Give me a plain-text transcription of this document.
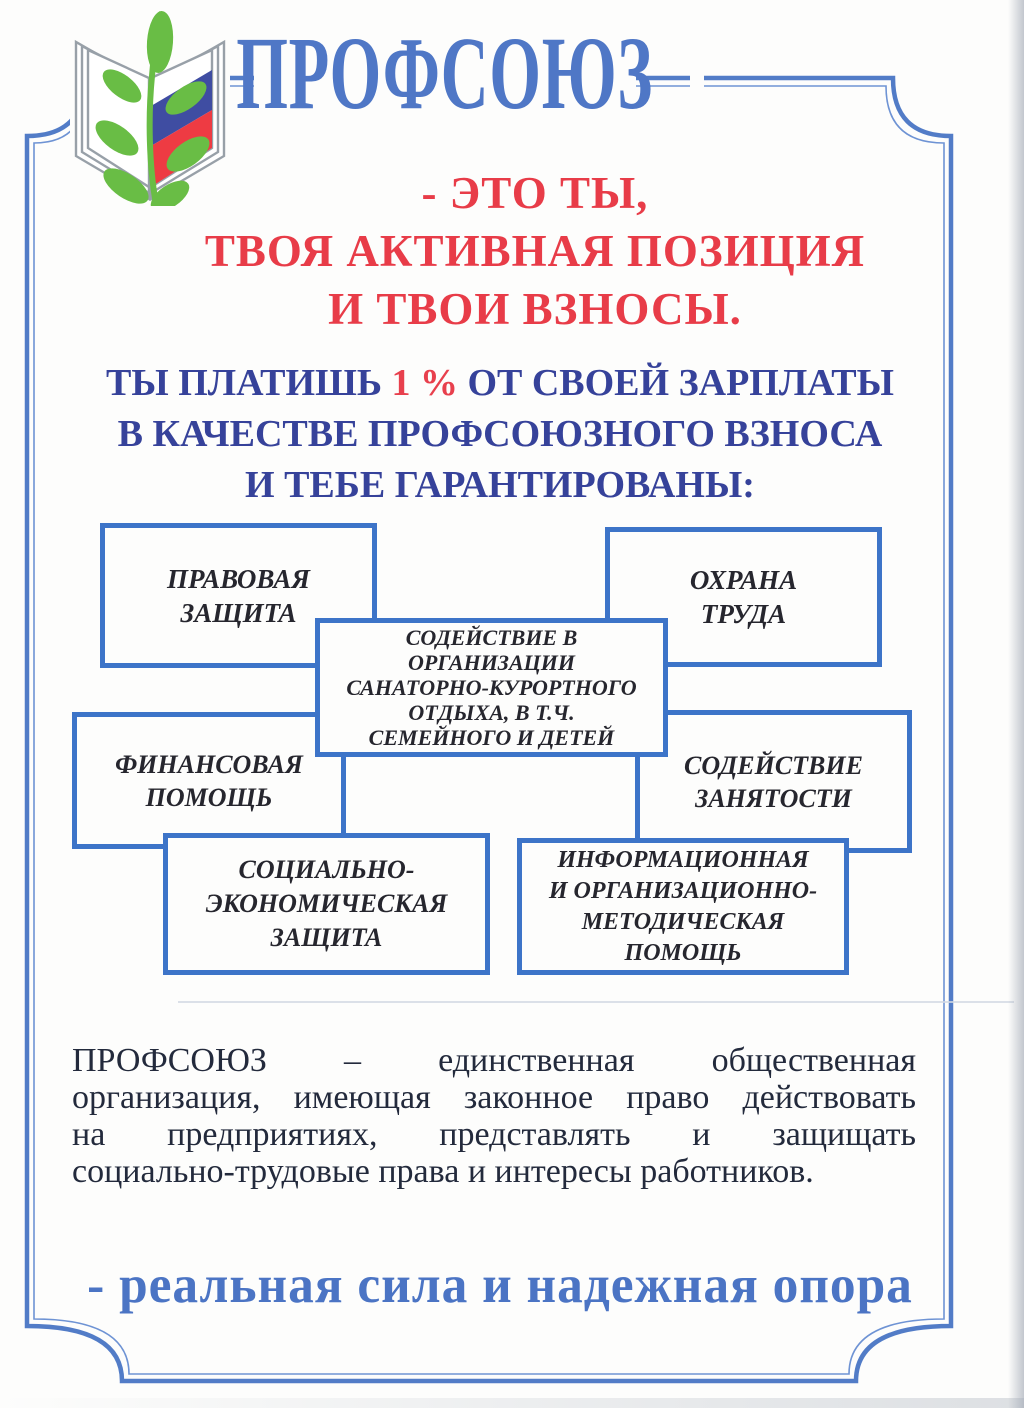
ПРОФСОЮЗ
- ЭТО ТЫ,
ТВОЯ АКТИВНАЯ ПОЗИЦИЯ
И ТВОИ ВЗНОСЫ.
ТЫ ПЛАТИШЬ 1 % ОТ СВОЕЙ ЗАРПЛАТЫ
В КАЧЕСТВЕ ПРОФСОЮЗНОГО ВЗНОСА
И ТЕБЕ ГАРАНТИРОВАНЫ:
ПРАВОВАЯ
ЗАЩИТА
ОХРАНА
ТРУДА
СОДЕЙСТВИЕ В
ОРГАНИЗАЦИИ
САНАТОРНО-КУРОРТНОГО
ОТДЫХА, В Т.Ч.
СЕМЕЙНОГО И ДЕТЕЙ
ФИНАНСОВАЯ
ПОМОЩЬ
СОДЕЙСТВИЕ
ЗАНЯТОСТИ
СОЦИАЛЬНО-
ЭКОНОМИЧЕСКАЯ
ЗАЩИТА
ИНФОРМАЦИОННАЯ
И ОРГАНИЗАЦИОННО-
МЕТОДИЧЕСКАЯ
ПОМОЩЬ
ПРОФСОЮЗ – единственная общественная
организация, имеющая законное право действовать
на предприятиях, представлять и защищать
социально-трудовые права и интересы работников.
- реальная сила и надежная опора
